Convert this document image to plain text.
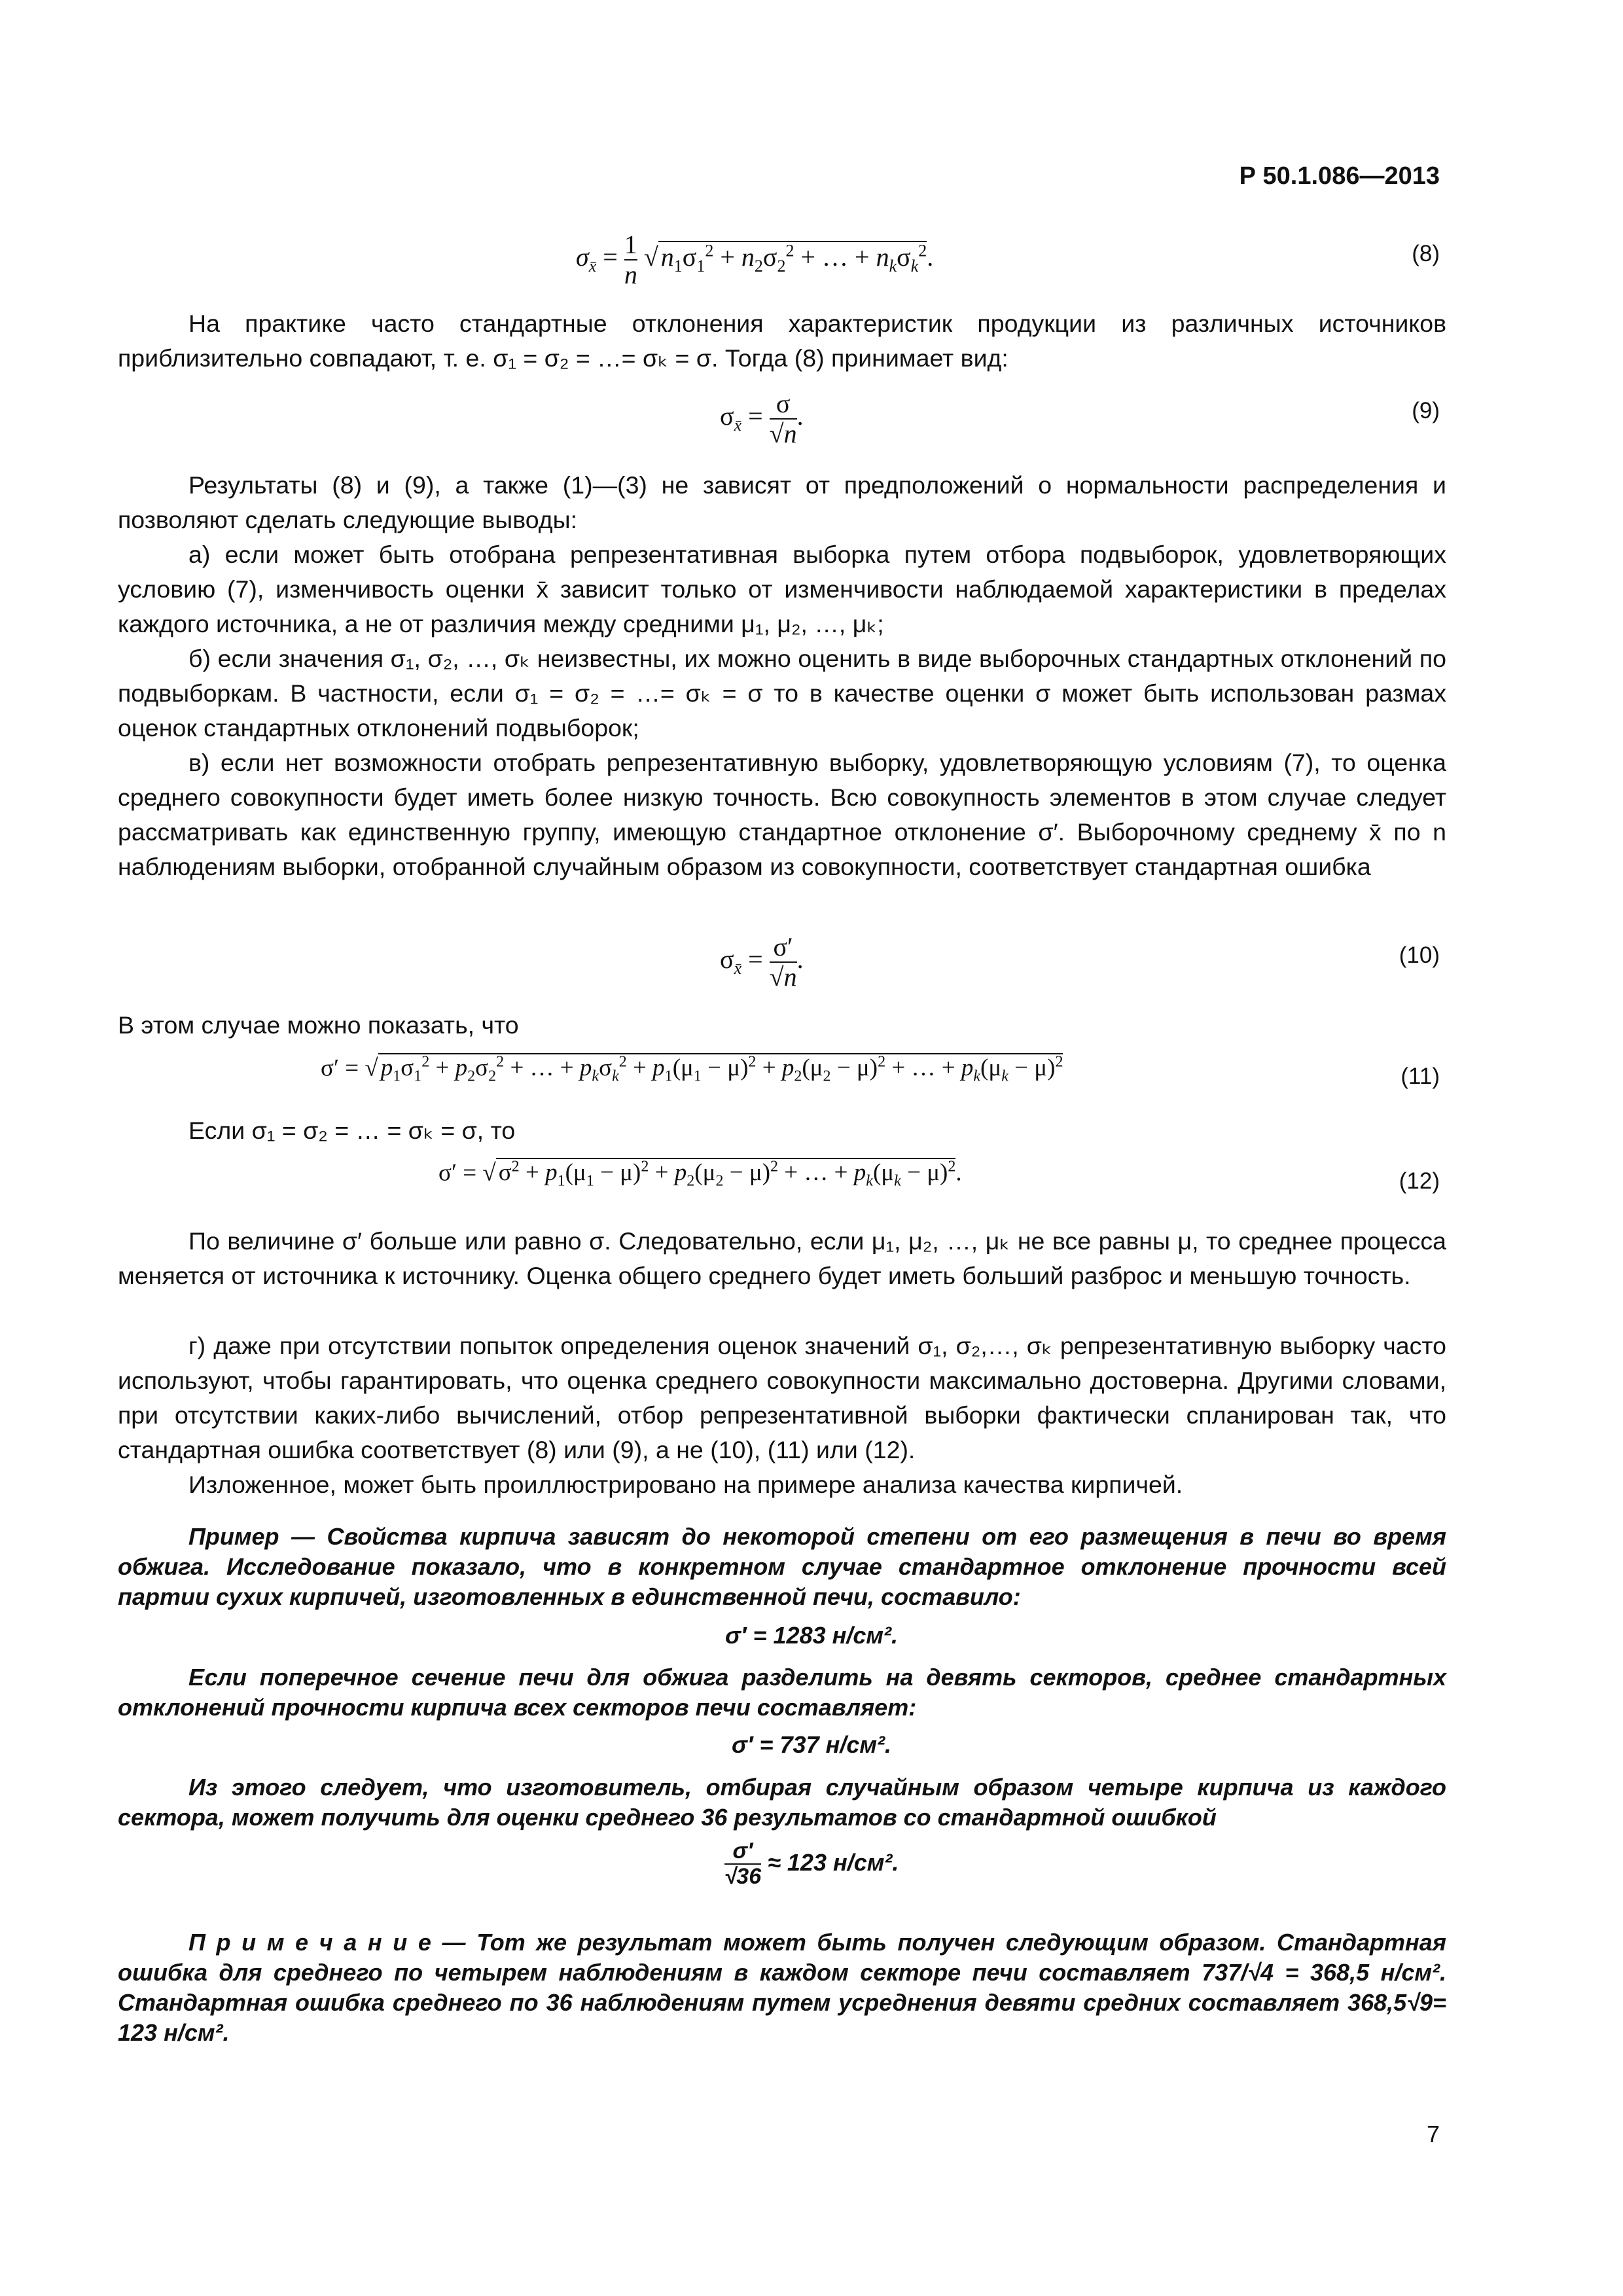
Р 50.1.086—2013
$\sigma_{x̄} = \frac{1}{n}$ √ $n_1\sigma_1^2 + n_2\sigma_2^2$ + … + $n_k\sigma_k^2$.	(8)
На практике часто стандартные отклонения характеристик продукции из различных источников приблизительно совпадают, т. е. σ₁ = σ₂ = …= σₖ = σ. Тогда (8) принимает вид:
$\sigma_{x̄} = \frac{\sigma}{√n}$ .	(9)
Результаты (8) и (9), а также (1)—(3) не зависят от предположений о нормальности распределения и позволяют сделать следующие выводы:
а) если может быть отобрана репрезентативная выборка путем отбора подвыборок, удовлетворяющих условию (7), изменчивость оценки x̄ зависит только от изменчивости наблюдаемой характеристики в пределах каждого источника, а не от различия между средними μ₁, μ₂, …, μₖ;
б) если значения σ₁, σ₂, …, σₖ неизвестны, их можно оценить в виде выборочных стандартных отклонений по подвыборкам. В частности, если σ₁ = σ₂ = …= σₖ = σ то в качестве оценки σ может быть использован размах оценок стандартных отклонений подвыборок;
в) если нет возможности отобрать репрезентативную выборку, удовлетворяющую условиям (7), то оценка среднего совокупности будет иметь более низкую точность. Всю совокупность элементов в этом случае следует рассматривать как единственную группу, имеющую стандартное отклонение σ′. Выборочному среднему x̄ по n наблюдениям выборки, отобранной случайным образом из совокупности, соответствует стандартная ошибка
$\sigma_{x̄} = \frac{\sigma'}{√n}$ .	(10)
В этом случае можно показать, что
σ′ = √ $p_1\sigma_1^2 + p_2\sigma_2^2$ + … + $p_k\sigma_k^2 + p_1(\mu_1 - \mu)^2 + p_2(\mu_2 - \mu)^2$ + … + $p_k(\mu_k - \mu)^2$
(11)
Если σ₁ = σ₂ = … = σₖ = σ, то
σ′ = √ $\sigma^2 + p_1(\mu_1 - \mu)^2 + p_2(\mu_2 - \mu)^2$ + … + $p_k(\mu_k - \mu)^2$.	(12)
По величине σ′ больше или равно σ. Следовательно, если μ₁, μ₂, …, μₖ не все равны μ, то среднее процесса меняется от источника к источнику. Оценка общего среднего будет иметь больший разброс и меньшую точность.
г) даже при отсутствии попыток определения оценок значений σ₁, σ₂,…, σₖ репрезентативную выборку часто используют, чтобы гарантировать, что оценка среднего совокупности максимально достоверна. Другими словами, при отсутствии каких-либо вычислений, отбор репрезентативной выборки фактически спланирован так, что стандартная ошибка соответствует (8) или (9), а не (10), (11) или (12).
Изложенное, может быть проиллюстрировано на примере анализа качества кирпичей.
Пример — Свойства кирпича зависят до некоторой степени от его размещения в печи во время обжига. Исследование показало, что в конкретном случае стандартное отклонение прочности всей партии сухих кирпичей, изготовленных в единственной печи, составило:
σ′ = 1283 н/см².
Если поперечное сечение печи для обжига разделить на девять секторов, среднее стандартных отклонений прочности кирпича всех секторов печи составляет:
σ′ = 737 н/см².
Из этого следует, что изготовитель, отбирая случайным образом четыре кирпича из каждого сектора, может получить для оценки среднего 36 результатов со стандартной ошибкой
$\frac{\sigma'}{√36} \approx 123$ н/см².
П р и м е ч а н и е — Тот же результат может быть получен следующим образом. Стандартная ошибка для среднего по четырем наблюдениям в каждом секторе печи составляет 737/√4 = 368,5 н/см². Стандартная ошибка среднего по 36 наблюдениям путем усреднения девяти средних составляет 368,5√9= 123 н/см².
7
